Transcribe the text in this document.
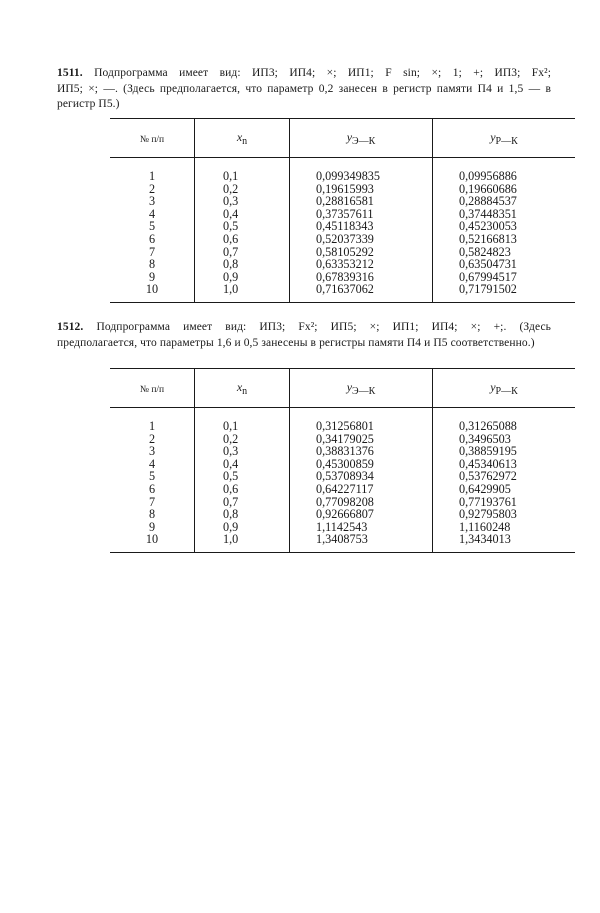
1511. Подпрограмма имеет вид: ИП3; ИП4; ×; ИП1; F sin; ×; 1; +; ИП3; Fx²;
ИП5; ×; —. (Здесь предполагается, что параметр 0,2 занесен в регистр памяти П4 и 1,5 — в регистр П5.)

№ п/п	$x_n$	$y_{Э—К}$	$y_{Р—К}$

1	0,1	0,099349835	0,09956886
2	0,2	0,19615993	0,19660686
3	0,3	0,28816581	0,28884537
4	0,4	0,37357611	0,37448351
5	0,5	0,45118343	0,45230053
6	0,6	0,52037339	0,52166813
7	0,7	0,58105292	0,5824823
8	0,8	0,63353212	0,63504731
9	0,9	0,67839316	0,67994517
10	1,0	0,71637062	0,71791502

1512. Подпрограмма имеет вид: ИП3; Fx²; ИП5; ×; ИП1; ИП4; ×; +;. (Здесь
предполагается, что параметры 1,6 и 0,5 занесены в регистры памяти П4 и П5 соответственно.)

№ п/п	$x_n$	$y_{Э—К}$	$y_{Р—К}$

1	0,1	0,31256801	0,31265088
2	0,2	0,34179025	0,3496503
3	0,3	0,38831376	0,38859195
4	0,4	0,45300859	0,45340613
5	0,5	0,53708934	0,53762972
6	0,6	0,64227117	0,6429905
7	0,7	0,77098208	0,77193761
8	0,8	0,92666807	0,92795803
9	0,9	1,1142543	1,1160248
10	1,0	1,3408753	1,3434013
